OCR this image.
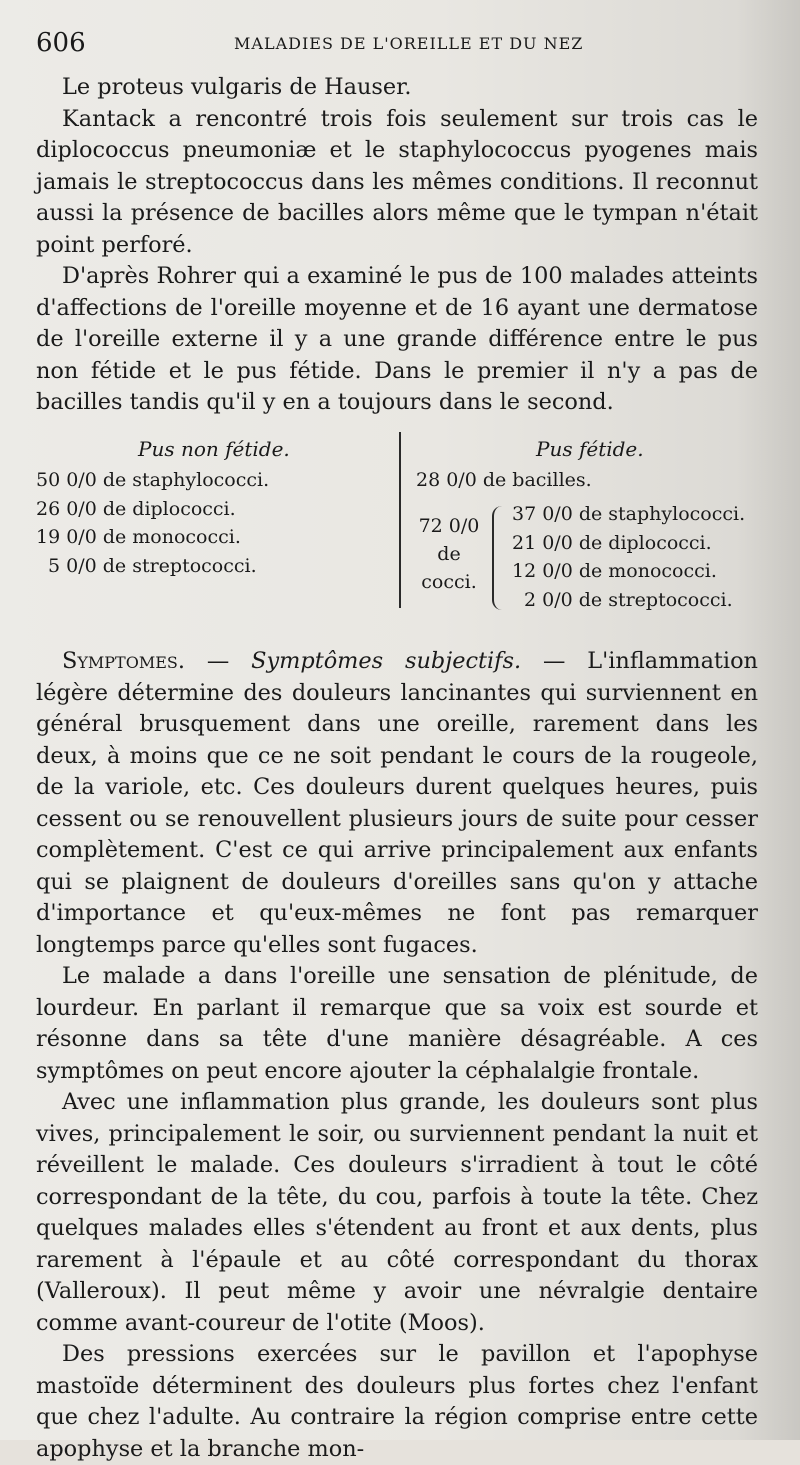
606	MALADIES DE L'OREILLE ET DU NEZ

Le proteus vulgaris de Hauser.

Kantack a rencontré trois fois seulement sur trois cas le diplococcus pneumoniæ et le staphylococcus pyogenes mais jamais le streptococcus dans les mêmes conditions. Il reconnut aussi la présence de bacilles alors même que le tympan n'était point perforé.

D'après Rohrer qui a examiné le pus de 100 malades atteints d'affections de l'oreille moyenne et de 16 ayant une dermatose de l'oreille externe il y a une grande différence entre le pus non fétide et le pus fétide. Dans le premier il n'y a pas de bacilles tandis qu'il y en a toujours dans le second.

Pus non fétide.
50 0/0 de staphylococci.
26 0/0 de diplococci.
19 0/0 de monococci.
5 0/0 de streptococci.
Pus fétide.
28 0/0 de bacilles.
72 0/0
de
cocci.
37 0/0 de staphylococci.
21 0/0 de diplococci.
12 0/0 de monococci.
2 0/0 de streptococci.

Symptomes. — Symptômes subjectifs. — L'inflammation légère détermine des douleurs lancinantes qui surviennent en général brusquement dans une oreille, rarement dans les deux, à moins que ce ne soit pendant le cours de la rougeole, de la variole, etc. Ces douleurs durent quelques heures, puis cessent ou se renouvellent plusieurs jours de suite pour cesser complètement. C'est ce qui arrive principalement aux enfants qui se plaignent de douleurs d'oreilles sans qu'on y attache d'importance et qu'eux-mêmes ne font pas remarquer longtemps parce qu'elles sont fugaces.

Le malade a dans l'oreille une sensation de plénitude, de lourdeur. En parlant il remarque que sa voix est sourde et résonne dans sa tête d'une manière désagréable. A ces symptômes on peut encore ajouter la céphalalgie frontale.

Avec une inflammation plus grande, les douleurs sont plus vives, principalement le soir, ou surviennent pendant la nuit et réveillent le malade. Ces douleurs s'irradient à tout le côté correspondant de la tête, du cou, parfois à toute la tête. Chez quelques malades elles s'étendent au front et aux dents, plus rarement à l'épaule et au côté correspondant du thorax (Valleroux). Il peut même y avoir une névralgie dentaire comme avant-coureur de l'otite (Moos).

Des pressions exercées sur le pavillon et l'apophyse mastoïde déterminent des douleurs plus fortes chez l'enfant que chez l'adulte. Au contraire la région comprise entre cette apophyse et la branche mon-
